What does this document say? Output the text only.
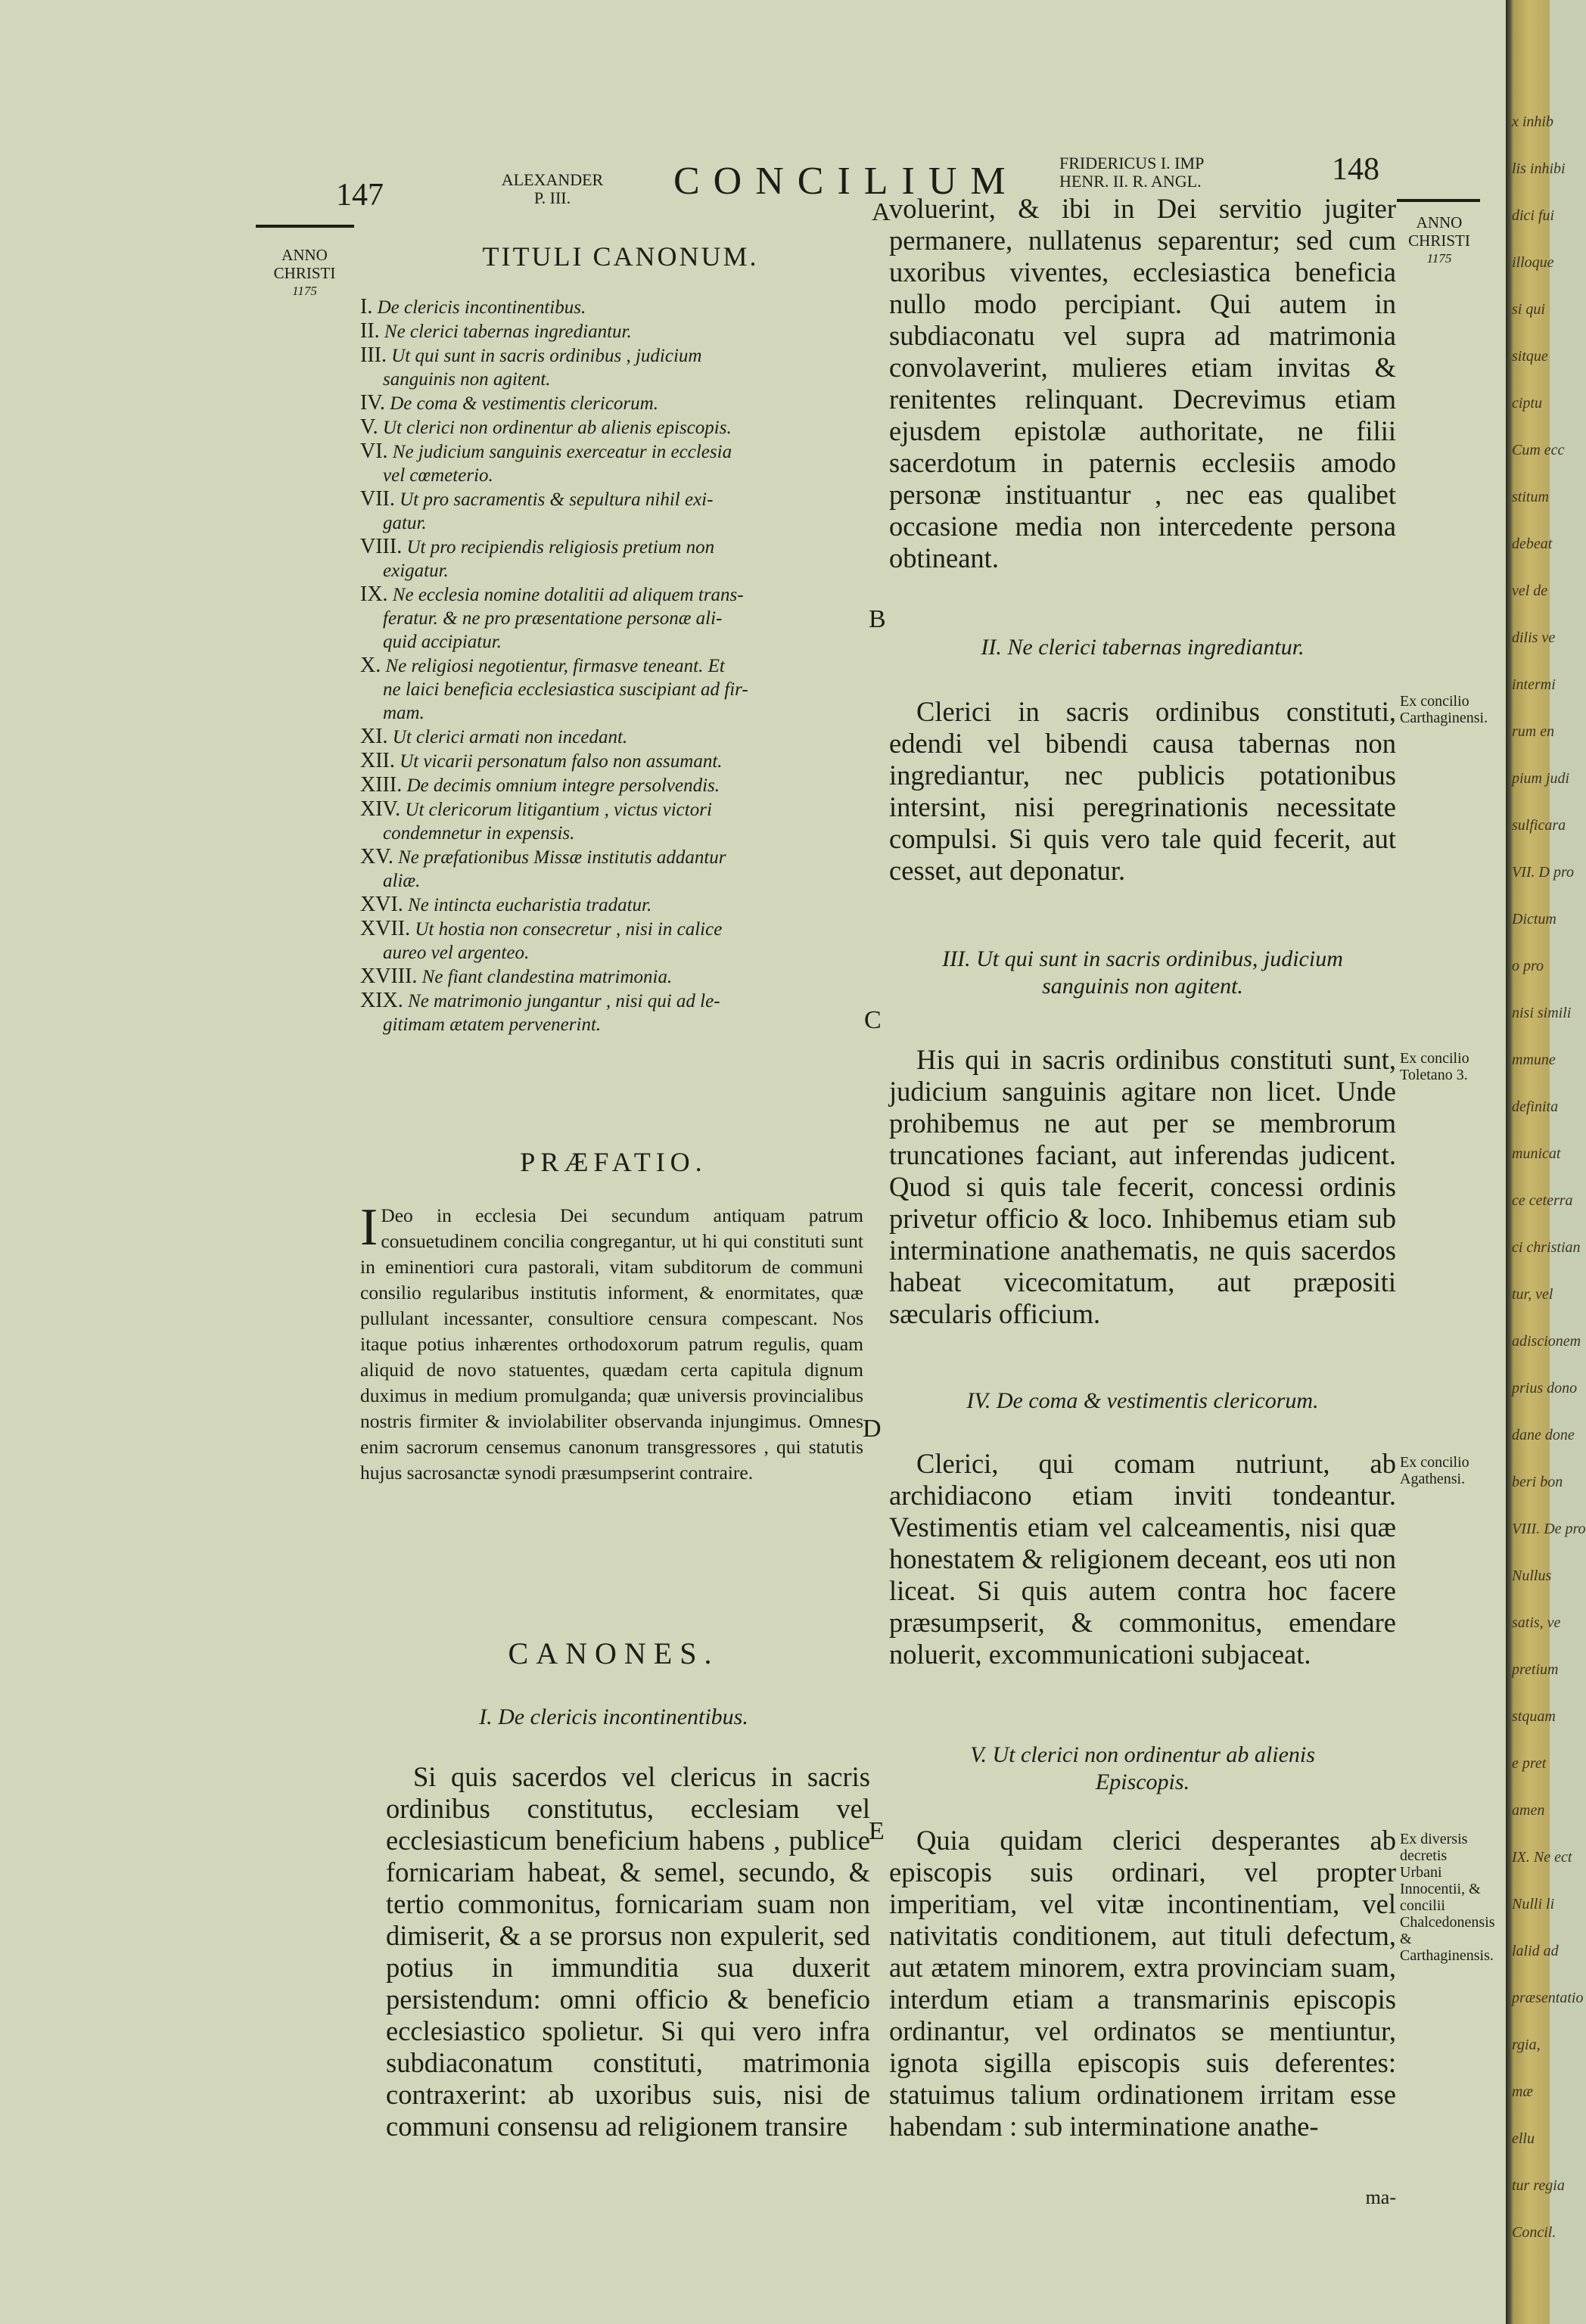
x inhib
lis inhibi
dici fui
illoque
si qui
sitque
ciptu
Cum ecc
stitum
debeat
vel de
dilis ve
intermi
rum en
pium judi
sulficara
VII. D pro
Dictum
o pro
nisi simili
mmune
definita
municat
ce ceterra
ci christian
tur, vel
adiscionem
prius dono
dane done
beri bon
VIII. De pro
Nullus
satis, ve
pretium
stquam
e pret
amen
IX. Ne ect
Nulli li
lalid ad
præsentatio
rgia,
mæ
ellu
tur regia
Concil.
147	ALEXANDER
P. III.	CONCILIUM FRIDERICUS I. IMP
HENR. II. R. ANGL.	148
ANNO
CHRISTI
1175
ANNO
CHRISTI
1175
A
B
C
D
E
TITULI CANONUM.
I. De clericis incontinentibus.
II. Ne clerici tabernas ingrediantur.
III. Ut qui sunt in sacris ordinibus , judicium
sanguinis non agitent.
IV. De coma & vestimentis clericorum.
V. Ut clerici non ordinentur ab alienis episcopis.
VI. Ne judicium sanguinis exerceatur in ecclesia
vel cœmeterio.
VII. Ut pro sacramentis & sepultura nihil exi-
gatur.
VIII. Ut pro recipiendis religiosis pretium non
exigatur.
IX. Ne ecclesia nomine dotalitii ad aliquem trans-
feratur. & ne pro præsentatione personæ ali-
quid accipiatur.
X. Ne religiosi negotientur, firmasve teneant. Et
ne laici beneficia ecclesiastica suscipiant ad fir-
mam.
XI. Ut clerici armati non incedant.
XII. Ut vicarii personatum falso non assumant.
XIII. De decimis omnium integre persolvendis.
XIV. Ut clericorum litigantium , victus victori
condemnetur in expensis.
XV. Ne præfationibus Missæ institutis addantur
aliæ.
XVI. Ne intincta eucharistia tradatur.
XVII. Ut hostia non consecretur , nisi in calice
aureo vel argenteo.
XVIII. Ne fiant clandestina matrimonia.
XIX. Ne matrimonio jungantur , nisi qui ad le-
gitimam ætatem pervenerint.
PRÆFATIO.
I Deo in ecclesia Dei secundum antiquam patrum consuetudinem concilia congregantur, ut hi qui constituti sunt in eminentiori cura pastorali, vitam subditorum de communi consilio regularibus institutis informent, & enormitates, quæ pullulant incessanter, consultiore censura compescant. Nos itaque potius inhærentes orthodoxorum patrum regulis, quam aliquid de novo statuentes, quædam certa capitula dignum duximus in medium promulganda; quæ universis provincialibus nostris firmiter & inviolabiliter observanda injungimus. Omnes enim sacrorum censemus canonum transgressores , qui statutis hujus sacrosanctæ synodi præsumpserint contraire.
CANONES.
I. De clericis incontinentibus.

Si quis sacerdos vel clericus in sacris ordinibus constitutus, ecclesiam vel ecclesiasticum beneficium habens , publice fornicariam habeat, & semel, secundo, & tertio commonitus, fornicariam suam non dimiserit, & a se prorsus non expulerit, sed potius in immunditia sua duxerit persistendum: omni officio & beneficio ecclesiastico spolietur. Si qui vero infra subdiaconatum constituti, matrimonia contraxerint: ab uxoribus suis, nisi de communi consensu ad religionem transire

voluerint, & ibi in Dei servitio jugiter permanere, nullatenus separentur; sed cum uxoribus viventes, ecclesiastica beneficia nullo modo percipiant. Qui autem in subdiaconatu vel supra ad matrimonia convolaverint, mulieres etiam invitas & renitentes relinquant. Decrevimus etiam ejusdem epistolæ authoritate, ne filii sacerdotum in paternis ecclesiis amodo personæ instituantur , nec eas qualibet occasione media non intercedente persona obtineant.

II. Ne clerici tabernas ingrediantur.

Clerici in sacris ordinibus constituti, edendi vel bibendi causa tabernas non ingrediantur, nec publicis potationibus intersint, nisi peregrinationis necessitate compulsi. Si quis vero tale quid fecerit, aut cesset, aut deponatur.

Ex concilio Carthaginensi.
III. Ut qui sunt in sacris ordinibus, judicium
sanguinis non agitent.

His qui in sacris ordinibus constituti sunt, judicium sanguinis agitare non licet. Unde prohibemus ne aut per se membrorum truncationes faciant, aut inferendas judicent. Quod si quis tale fecerit, concessi ordinis privetur officio & loco. Inhibemus etiam sub interminatione anathematis, ne quis sacerdos habeat vicecomitatum, aut præpositi sæcularis officium.

Ex concilio Toletano 3.
IV. De coma & vestimentis clericorum.

Clerici, qui comam nutriunt, ab archidiacono etiam inviti tondeantur. Vestimentis etiam vel calceamentis, nisi quæ honestatem & religionem deceant, eos uti non liceat. Si quis autem contra hoc facere præsumpserit, & commonitus, emendare noluerit, excommunicationi subjaceat.

Ex concilio Agathensi.
V. Ut clerici non ordinentur ab alienis
Episcopis.

Quia quidam clerici desperantes ab episcopis suis ordinari, vel propter imperitiam, vel vitæ incontinentiam, vel nativitatis conditionem, aut tituli defectum, aut ætatem minorem, extra provinciam suam, interdum etiam a transmarinis episcopis ordinantur, vel ordinatos se mentiuntur, ignota sigilla episcopis suis deferentes: statuimus talium ordinationem irritam esse habendam : sub interminatione anathe-

Ex diversis decretis Urbani Innocentii, & concilii Chalcedonensis & Carthaginensis.
ma-
